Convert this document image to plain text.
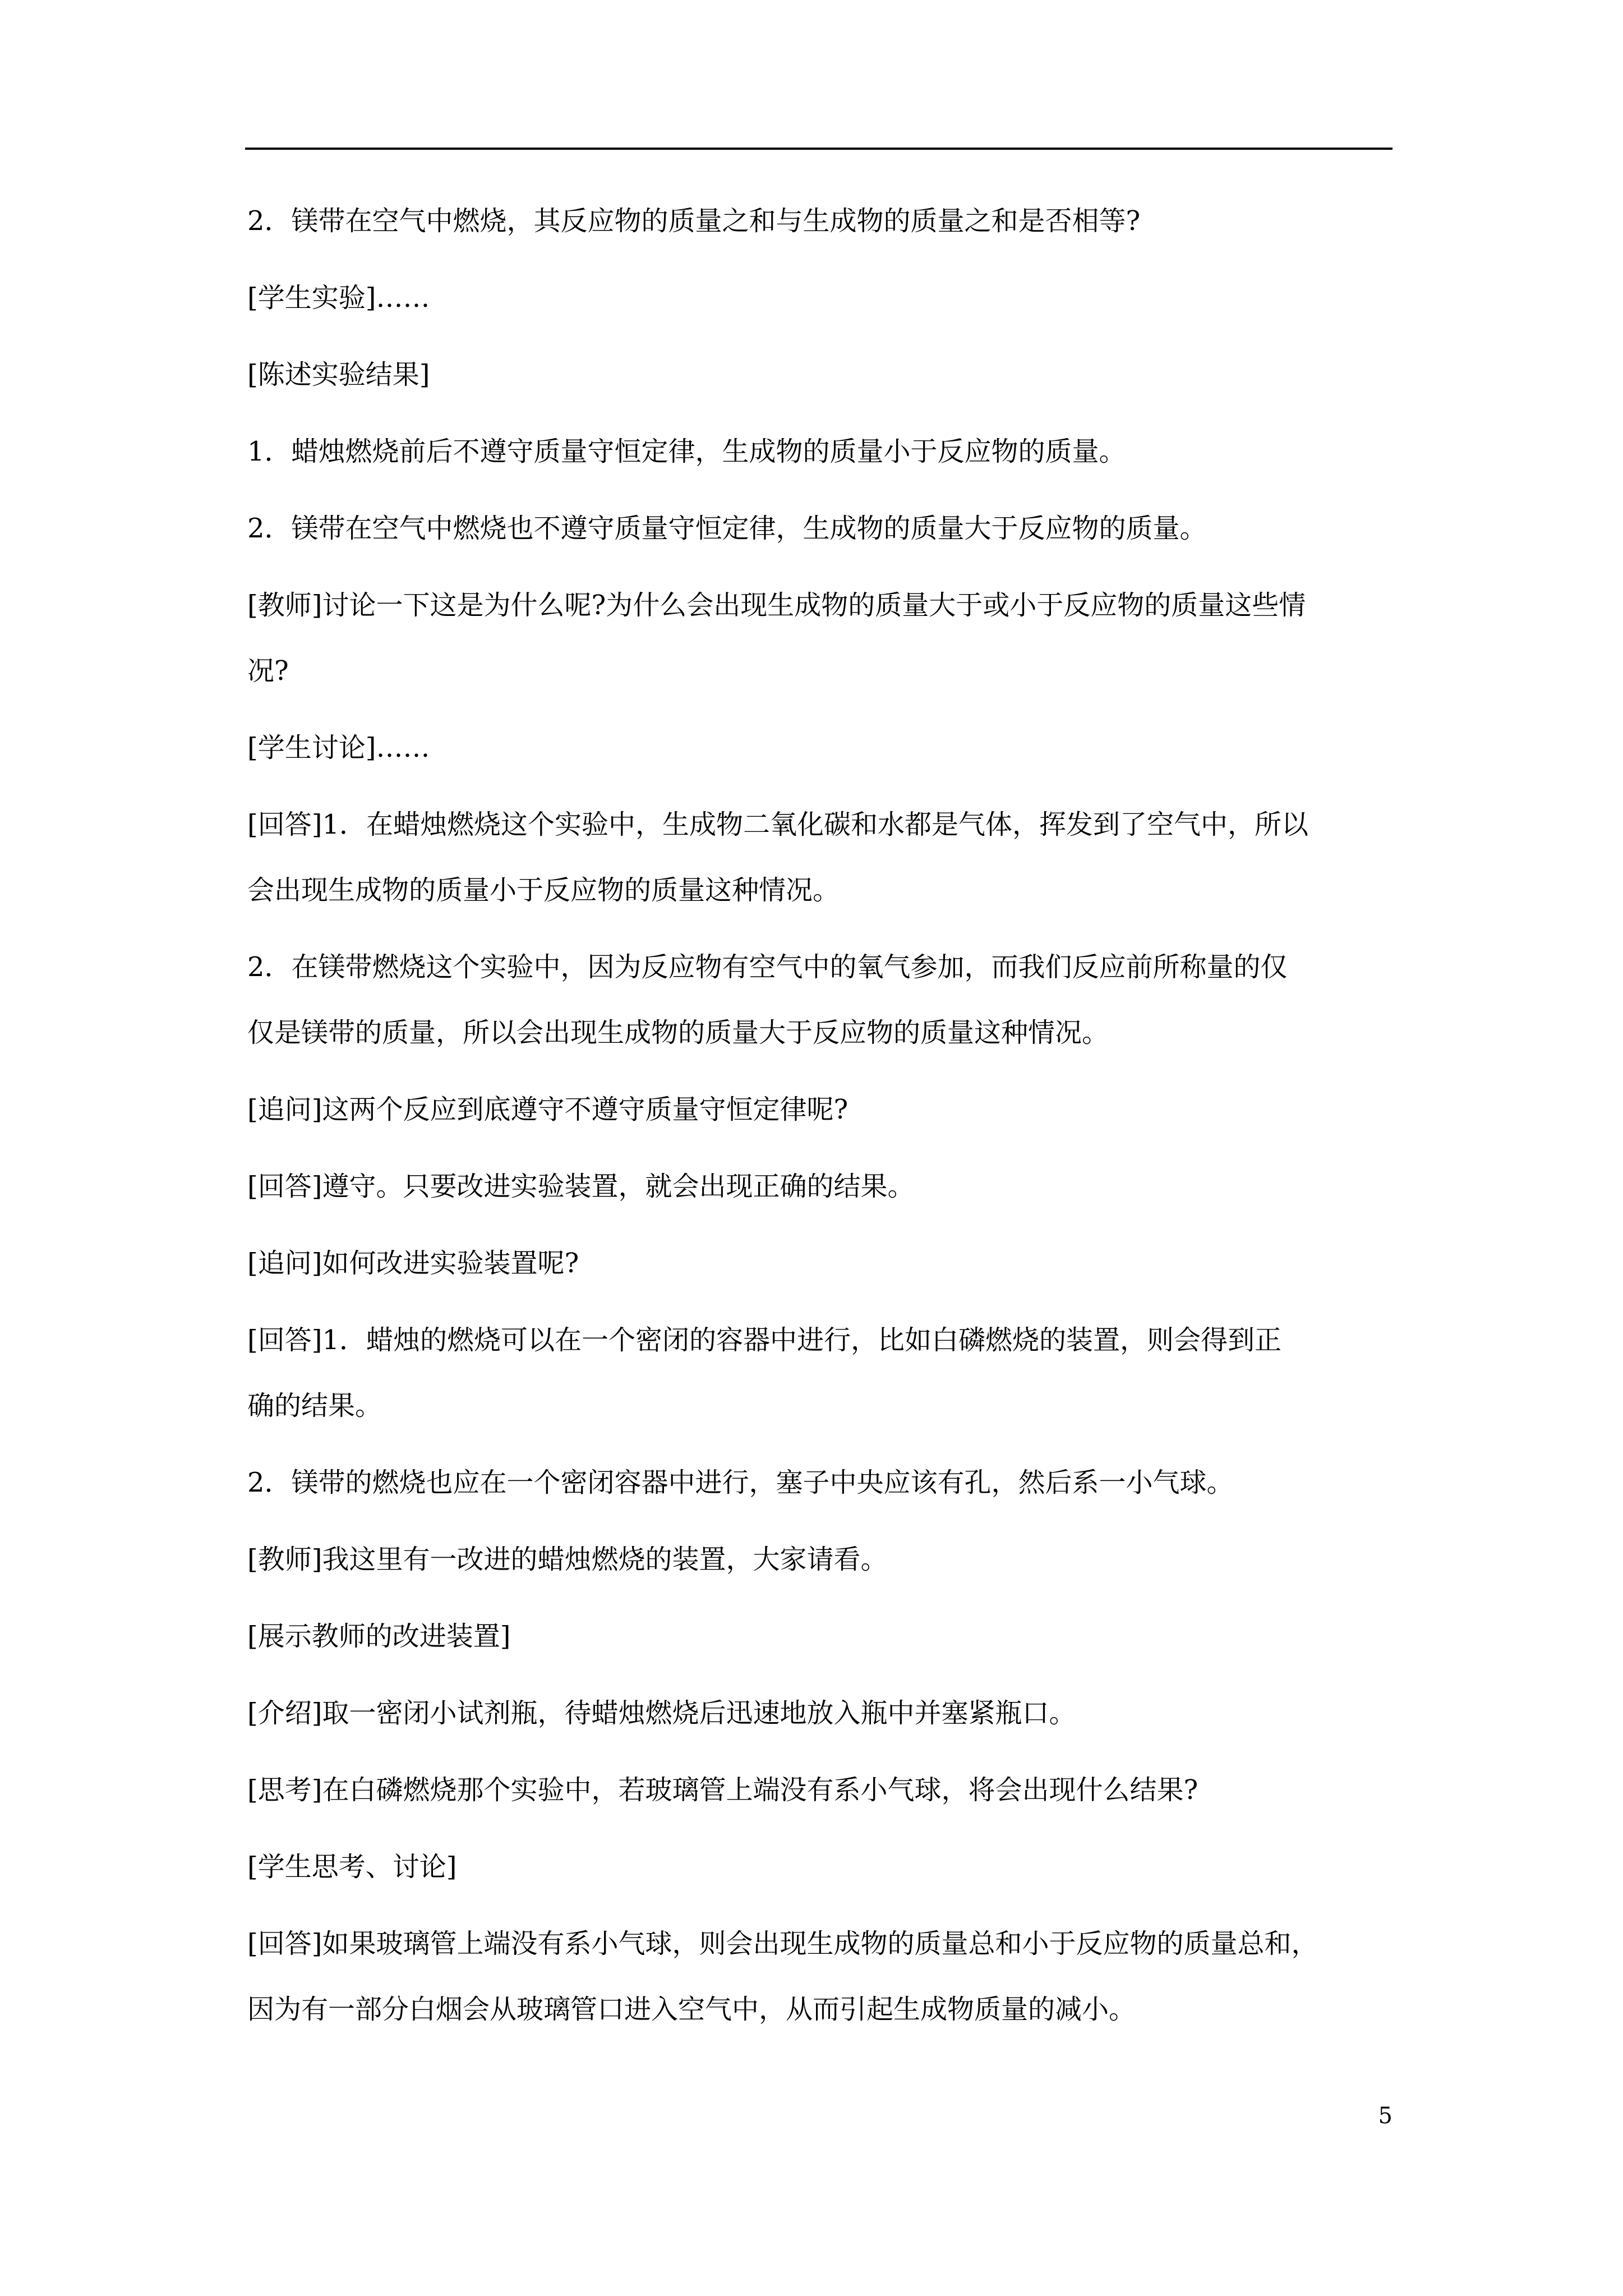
2．镁带在空气中燃烧，其反应物的质量之和与生成物的质量之和是否相等?

[学生实验]……

[陈述实验结果]

1．蜡烛燃烧前后不遵守质量守恒定律，生成物的质量小于反应物的质量。

2．镁带在空气中燃烧也不遵守质量守恒定律，生成物的质量大于反应物的质量。

[教师]讨论一下这是为什么呢?为什么会出现生成物的质量大于或小于反应物的质量这些情

况?

[学生讨论]……

[回答]1．在蜡烛燃烧这个实验中，生成物二氧化碳和水都是气体，挥发到了空气中，所以

会出现生成物的质量小于反应物的质量这种情况。

2．在镁带燃烧这个实验中，因为反应物有空气中的氧气参加，而我们反应前所称量的仅

仅是镁带的质量，所以会出现生成物的质量大于反应物的质量这种情况。

[追问]这两个反应到底遵守不遵守质量守恒定律呢?

[回答]遵守。只要改进实验装置，就会出现正确的结果。

[追问]如何改进实验装置呢?

[回答]1．蜡烛的燃烧可以在一个密闭的容器中进行，比如白磷燃烧的装置，则会得到正

确的结果。

2．镁带的燃烧也应在一个密闭容器中进行，塞子中央应该有孔，然后系一小气球。

[教师]我这里有一改进的蜡烛燃烧的装置，大家请看。

[展示教师的改进装置]

[介绍]取一密闭小试剂瓶，待蜡烛燃烧后迅速地放入瓶中并塞紧瓶口。

[思考]在白磷燃烧那个实验中，若玻璃管上端没有系小气球，将会出现什么结果?

[学生思考、讨论]

[回答]如果玻璃管上端没有系小气球，则会出现生成物的质量总和小于反应物的质量总和，

因为有一部分白烟会从玻璃管口进入空气中，从而引起生成物质量的减小。

5
